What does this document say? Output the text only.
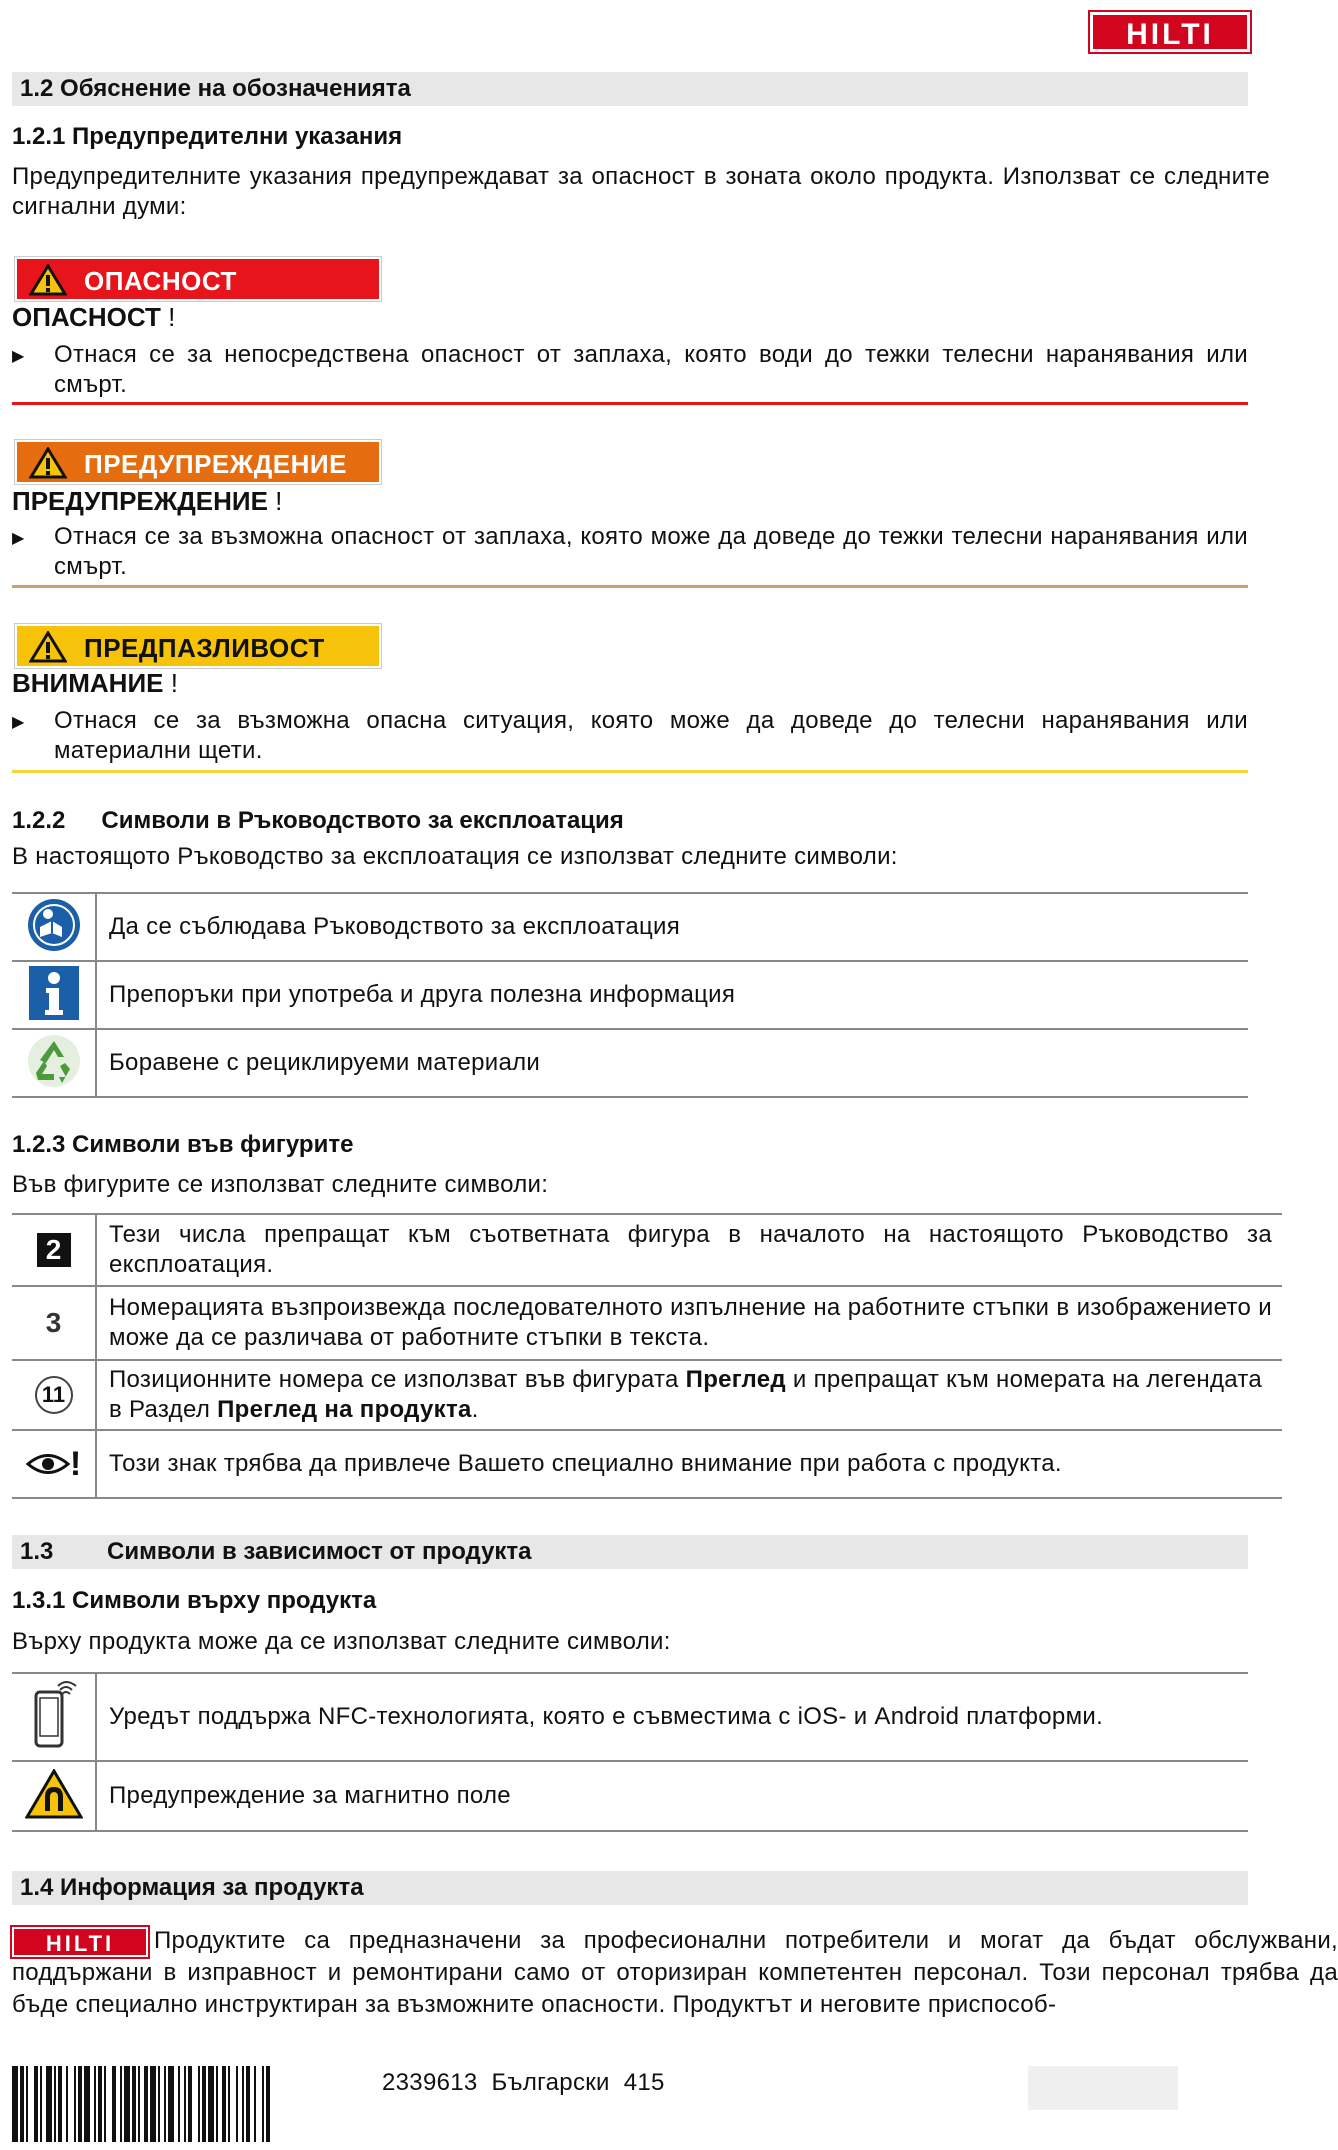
HILTI
1.2 Обяснение на обозначенията
1.2.1 Предупредителни указания
Предупредителните указания предупреждават за опасност в зоната около продукта. Използват се следните сигнални думи:
ОПАСНОСТ
ОПАСНОСТ !
▶ Отнася се за непосредствена опасност от заплаха, която води до тежки телесни наранявания или смърт.
ПРЕДУПРЕЖДЕНИЕ
ПРЕДУПРЕЖДЕНИЕ !
▶ Отнася се за възможна опасност от заплаха, която може да доведе до тежки телесни наранявания или смърт.
ПРЕДПАЗЛИВОСТ
ВНИМАНИЕ !
▶ Отнася се за възможна опасна ситуация, която може да доведе до телесни наранявания или материални щети.
1.2.2 Символи в Ръководството за експлоатация
В настоящото Ръководство за експлоатация се използват следните символи:
	Да се съблюдава Ръководството за експлоатация
	Препоръки при употреба и друга полезна информация
	Боравене с рециклируеми материали
1.2.3 Символи във фигурите
Във фигурите се използват следните символи:
2	Тези числа препращат към съответната фигура в началото на настоящото Ръководство за експлоатация.
3	Номерацията възпроизвежда последователното изпълнение на работните стъпки в изображението и може да се различава от работните стъпки в текста.
11	Позиционните номера се използват във фигурата Преглед и препращат към номерата на легендата в Раздел Преглед на продукта.
!	Този знак трябва да привлече Вашето специално внимание при работа с продукта.
1.3 Символи в зависимост от продукта
1.3.1 Символи върху продукта
Върху продукта може да се използват следните символи:
	Уредът поддържа NFC-технологията, която е съвместима с iOS- и Android платформи.
	Предупреждение за магнитно поле
1.4 Информация за продукта
HILTI	Продуктите са предназначени за професионални потребители и могат да бъдат обслужвани, поддържани в изправност и ремонтирани само от оторизиран компетентен персонал. Този персонал трябва да бъде специално инструктиран за възможните опасности. Продуктът и неговите приспособ-
2339613 Български 415
